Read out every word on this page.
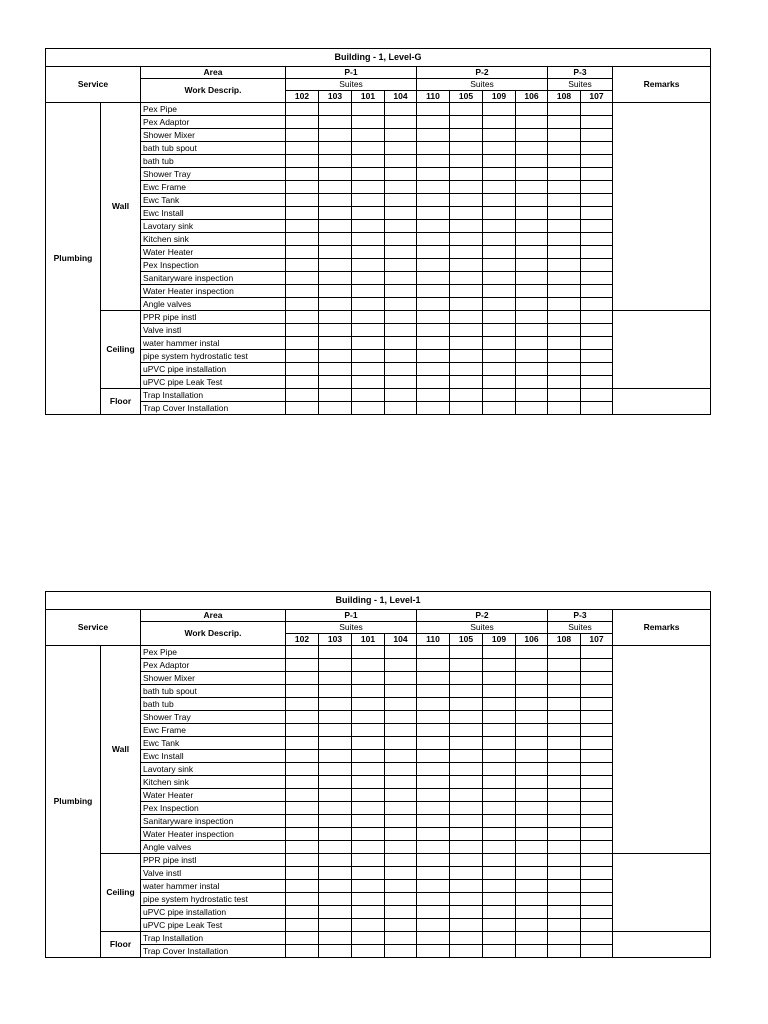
Building - 1, Level-G													
Service		Area	P-1				P-2				P-3		Remarks
		Work Descrip.	Suites				Suites				Suites		
			102	103	101	104	110	105	109	106	108	107	
Plumbing	Wall	Pex Pipe											
		Pex Adaptor											
		Shower Mixer											
		bath tub spout											
		bath tub											
		Shower Tray											
		Ewc Frame											
		Ewc Tank											
		Ewc Install											
		Lavotary sink											
		Kitchen sink											
		Water Heater											
		Pex Inspection											
		Sanitaryware inspection											
		Water Heater inspection											
		Angle valves											
	Ceiling	PPR pipe instl											
		Valve instl											
		water hammer instal											
		pipe system hydrostatic test											
		uPVC pipe installation											
		uPVC pipe Leak Test											
	Floor	Trap Installation											
		Trap Cover Installation											
Building - 1, Level-1													
Service		Area	P-1				P-2				P-3		Remarks
		Work Descrip.	Suites				Suites				Suites		
			102	103	101	104	110	105	109	106	108	107	
Plumbing	Wall	Pex Pipe											
		Pex Adaptor											
		Shower Mixer											
		bath tub spout											
		bath tub											
		Shower Tray											
		Ewc Frame											
		Ewc Tank											
		Ewc Install											
		Lavotary sink											
		Kitchen sink											
		Water Heater											
		Pex Inspection											
		Sanitaryware inspection											
		Water Heater inspection											
		Angle valves											
	Ceiling	PPR pipe instl											
		Valve instl											
		water hammer instal											
		pipe system hydrostatic test											
		uPVC pipe installation											
		uPVC pipe Leak Test											
	Floor	Trap Installation											
		Trap Cover Installation											
